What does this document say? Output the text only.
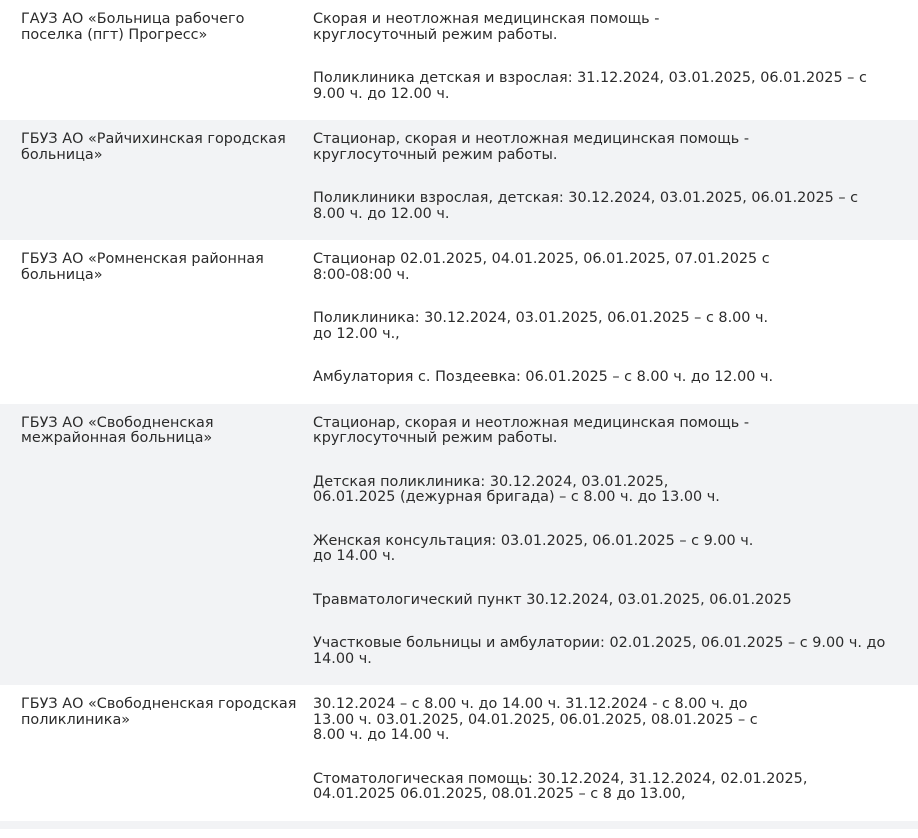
ГАУЗ АО «Больница рабочего поселка (пгт) Прогресс»	Скорая и неотложная медицинская помощь - круглосуточный режим работы.
Поликлиника детская и взрослая: 31.12.2024, 03.01.2025, 06.01.2025 – с 9.00 ч. до 12.00 ч.

ГБУЗ АО «Райчихинская городская больница»	Стационар, скорая и неотложная медицинская помощь - круглосуточный режим работы.
Поликлиники взрослая, детская: 30.12.2024, 03.01.2025, 06.01.2025 – с 8.00 ч. до 12.00 ч.

ГБУЗ АО «Ромненская районная больница»	Стационар 02.01.2025, 04.01.2025, 06.01.2025, 07.01.2025 с 8:00-08:00 ч.
Поликлиника: 30.12.2024, 03.01.2025, 06.01.2025 – с 8.00 ч. до 12.00 ч.,
Амбулатория с. Поздеевка: 06.01.2025 – с 8.00 ч. до 12.00 ч.

ГБУЗ АО «Свободненская межрайонная больница»	Стационар, скорая и неотложная медицинская помощь - круглосуточный режим работы.
Детская поликлиника: 30.12.2024, 03.01.2025, 06.01.2025 (дежурная бригада) – с 8.00 ч. до 13.00 ч.
Женская консультация: 03.01.2025, 06.01.2025 – с 9.00 ч. до 14.00 ч.
Травматологический пункт 30.12.2024, 03.01.2025, 06.01.2025
Участковые больницы и амбулатории: 02.01.2025, 06.01.2025 – с 9.00 ч. до 14.00 ч.

ГБУЗ АО «Свободненская городская поликлиника»	30.12.2024 – с 8.00 ч. до 14.00 ч. 31.12.2024 - с 8.00 ч. до 13.00 ч. 03.01.2025, 04.01.2025, 06.01.2025, 08.01.2025 – с 8.00 ч. до 14.00 ч.
Стоматологическая помощь: 30.12.2024, 31.12.2024, 02.01.2025, 04.01.2025 06.01.2025, 08.01.2025 – с 8 до 13.00,
